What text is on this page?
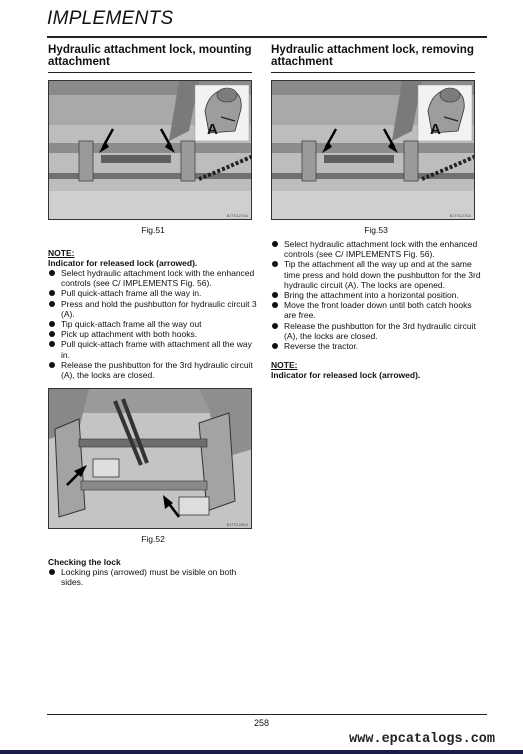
IMPLEMENTS
Hydraulic attachment lock, mounting attachment
A
BJTS1270A
Fig.51
NOTE:
Indicator for released lock (arrowed).
Select hydraulic attachment lock with the enhanced controls (see C/ IMPLEMENTS Fig. 56).
Pull quick-attach frame all the way in.
Press and hold the pushbutton for hydraulic circuit 3 (A).
Tip quick-attach frame all the way out
Pick up attachment with both hooks.
Pull quick-attach frame with attachment all the way in.
Release the pushbutton for the 3rd hydraulic circuit (A), the locks are closed.
BJTS1280A
Fig.52
Checking the lock
Locking pins (arrowed) must be visible on both sides.
Hydraulic attachment lock, removing attachment
A
BJTS1270A
Fig.53
Select hydraulic attachment lock with the enhanced controls (see C/ IMPLEMENTS Fig. 56).
Tip the attachment all the way up and at the same time press and hold down the pushbutton for the 3rd hydraulic circuit (A). The locks are opened.
Bring the attachment into a horizontal position.
Move the front loader down until both catch hooks are free.
Release the pushbutton for the 3rd hydraulic circuit (A), the locks are closed.
Reverse the tractor.
NOTE:
Indicator for released lock (arrowed).
258
www.epcatalogs.com
